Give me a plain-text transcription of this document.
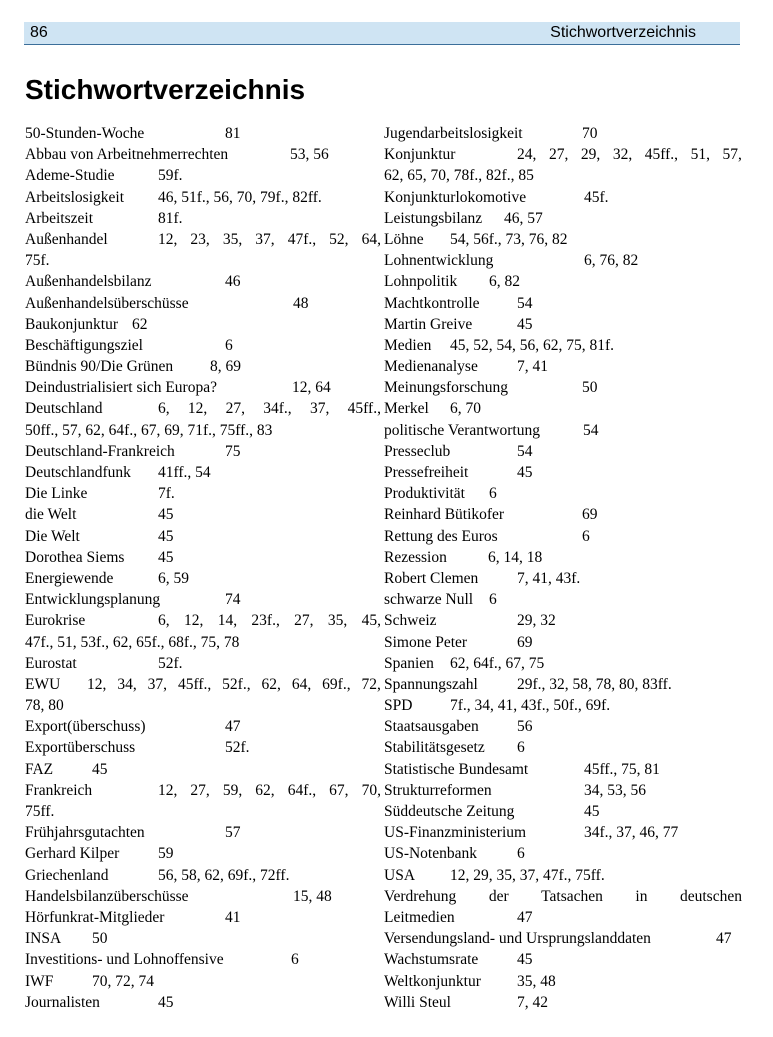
86	Stichwortverzeichnis
Stichwortverzeichnis
50-Stunden-Woche	81
Abbau von Arbeitnehmerrechten	53, 56
Ademe-Studie	59f.
Arbeitslosigkeit 46, 51f., 56, 70, 79f., 82ff.
Arbeitszeit	81f.
Außenhandel	12, 23, 35, 37, 47f., 52, 64,
75f.
Außenhandelsbilanz	46
Außenhandelsüberschüsse	48
Baukonjunktur 62
Beschäftigungsziel	6
Bündnis 90/Die Grünen 8, 69
Deindustrialisiert sich Europa?	12, 64
Deutschland	6, 12, 27, 34f., 37, 45ff.,
50ff., 57, 62, 64f., 67, 69, 71f., 75ff., 83
Deutschland-Frankreich	75
Deutschlandfunk 41ff., 54
Die Linke	7f.
die Welt	45
Die Welt	45
Dorothea Siems 45
Energiewende	6, 59
Entwicklungsplanung	74
Eurokrise	6, 12, 14, 23f., 27, 35, 45,
47f., 51, 53f., 62, 65f., 68f., 75, 78
Eurostat	52f.
EWU 12, 34, 37, 45ff., 52f., 62, 64, 69f., 72,
78, 80
Export(überschuss)	47
Exportüberschuss	52f.
FAZ	45
Frankreich	12, 27, 59, 62, 64f., 67, 70,
75ff.
Frühjahrsgutachten	57
Gerhard Kilper	59
Griechenland	56, 58, 62, 69f., 72ff.
Handelsbilanzüberschüsse	15, 48
Hörfunkrat-Mitglieder	41
INSA 50
Investitions- und Lohnoffensive	6
IWF 70, 72, 74
Journalisten	45
Jugendarbeitslosigkeit	70
Konjunktur	24, 27, 29, 32, 45ff., 51, 57,
62, 65, 70, 78f., 82f., 85
Konjunkturlokomotive	45f.
Leistungsbilanz 46, 57
Löhne 54, 56f., 73, 76, 82
Lohnentwicklung	6, 76, 82
Lohnpolitik 6, 82
Machtkontrolle 54
Martin Greive	45
Medien 45, 52, 54, 56, 62, 75, 81f.
Medienanalyse	7, 41
Meinungsforschung	50
Merkel 6, 70
politische Verantwortung	54
Presseclub	54
Pressefreiheit	45
Produktivität 6
Reinhard Bütikofer	69
Rettung des Euros	6
Rezession	6, 14, 18
Robert Clemen 7, 41, 43f.
schwarze Null 6
Schweiz	29, 32
Simone Peter	69
Spanien 62, 64f., 67, 75
Spannungszahl	29f., 32, 58, 78, 80, 83ff.
SPD 7f., 34, 41, 43f., 50f., 69f.
Staatsausgaben 56
Stabilitätsgesetz 6
Statistische Bundesamt	45ff., 75, 81
Strukturreformen	34, 53, 56
Süddeutsche Zeitung	45
US-Finanzministerium	34f., 37, 46, 77
US-Notenbank	6
USA 12, 29, 35, 37, 47f., 75ff.
Verdrehung der Tatsachen in deutschen
Leitmedien	47
Versendungsland- und Ursprungslanddaten	47
Wachstumsrate 45
Weltkonjunktur 35, 48
Willi Steul	7, 42
